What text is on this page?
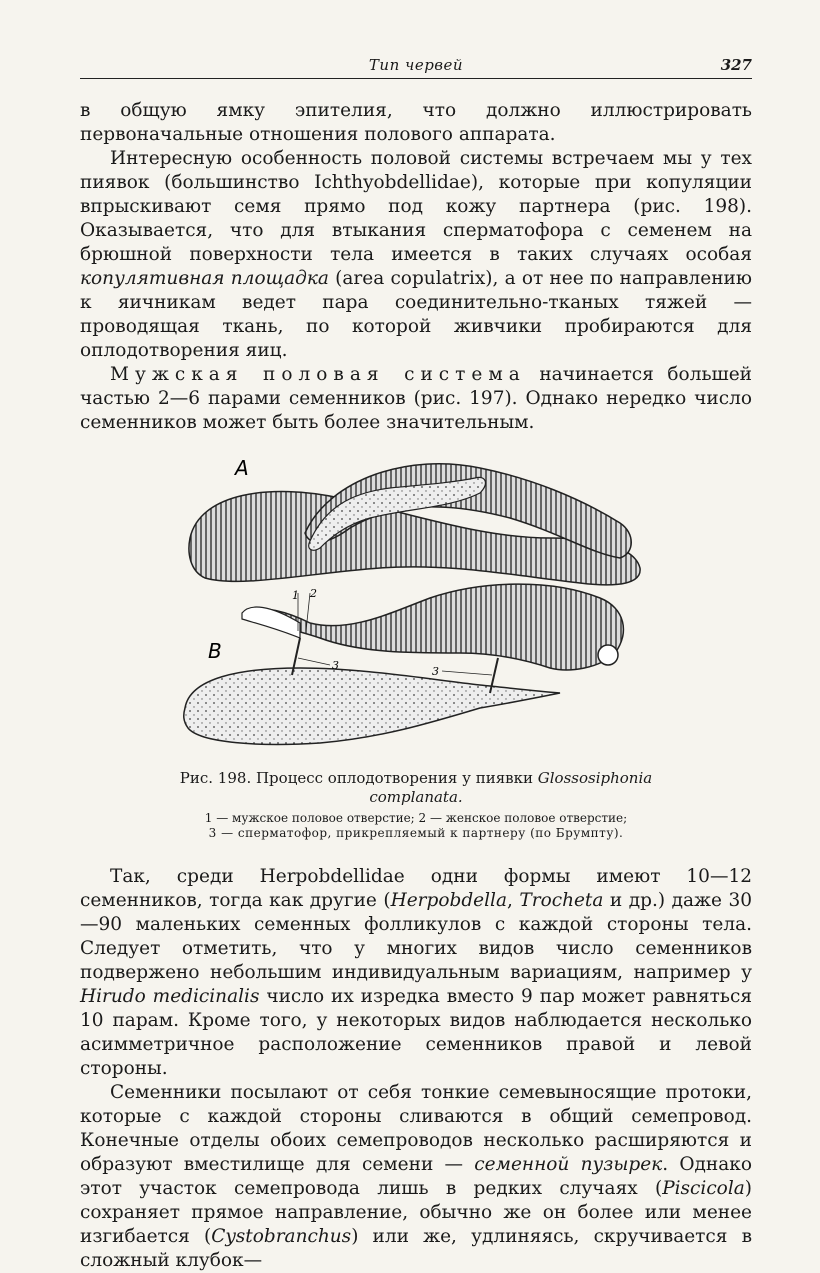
Тип червей	327

в общую ямку эпителия, что должно иллюстрировать первоначальные отношения полового аппарата.

Интересную особенность половой системы встречаем мы у тех пиявок (большинство Ichthyobdellidae), которые при копуляции впрыскивают семя прямо под кожу партнера (рис. 198). Оказывается, что для втыкания сперматофора с семенем на брюшной поверхности тела имеется в таких случаях особая копулятивная площадка (area copulatrix), а от нее по направлению к яичникам ведет пара соединительно-тканых тяжей — проводящая ткань, по которой живчики пробираются для оплодотворения яиц.

Мужская половая система начинается большей частью 2—6 парами семенников (рис. 197). Однако нередко число семенников может быть более значительным.

А
В
1 2
3	3
Рис. 198. Процесс оплодотворения у пиявки Glossosiphonia complanata.
1 — мужское половое отверстие; 2 — женское половое отверстие;
3 — сперматофор, прикрепляемый к партнеру (по Брумпту).

Так, среди Herpobdellidae одни формы имеют 10—12 семенников, тогда как другие (Herpobdella, Trocheta и др.) даже 30—90 маленьких семенных фолликулов с каждой стороны тела. Следует отметить, что у многих видов число семенников подвержено небольшим индивидуальным вариациям, например у Hirudo medicinalis число их изредка вместо 9 пар может равняться 10 парам. Кроме того, у некоторых видов наблюдается несколько асимметричное расположение семенников правой и левой стороны.

Семенники посылают от себя тонкие семевыносящие протоки, которые с каждой стороны сливаются в общий семепровод. Конечные отделы обоих семепроводов несколько расширяются и образуют вместилище для семени — семенной пузырек. Однако этот участок семепровода лишь в редких случаях (Piscicola) сохраняет прямое направление, обычно же он более или менее изгибается (Cystobranchus) или же, удлиняясь, скручивается в сложный клубок—
